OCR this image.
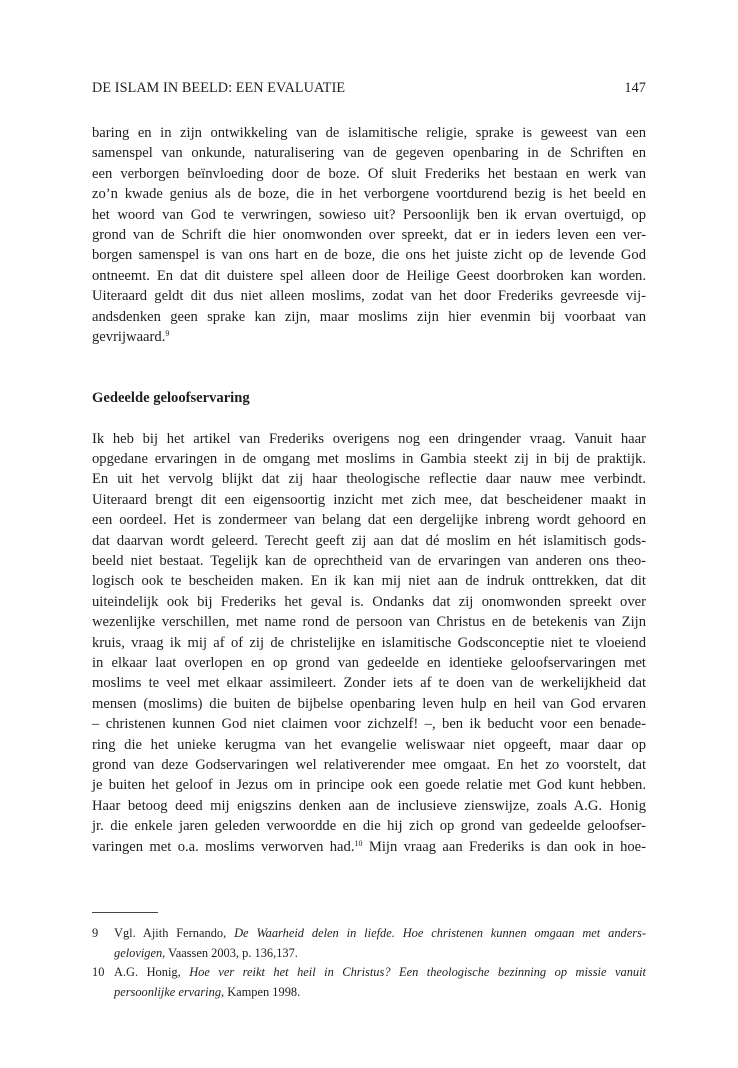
DE ISLAM IN BEELD: EEN EVALUATIE	147
baring en in zijn ontwikkeling van de islamitische religie, sprake is geweest van een
samenspel van onkunde, naturalisering van de gegeven openbaring in de Schriften en
een verborgen beïnvloeding door de boze. Of sluit Frederiks het bestaan en werk van
zo’n kwade genius als de boze, die in het verborgene voortdurend bezig is het beeld en
het woord van God te verwringen, sowieso uit? Persoonlijk ben ik ervan overtuigd, op
grond van de Schrift die hier onomwonden over spreekt, dat er in ieders leven een ver-
borgen samenspel is van ons hart en de boze, die ons het juiste zicht op de levende God
ontneemt. En dat dit duistere spel alleen door de Heilige Geest doorbroken kan worden.
Uiteraard geldt dit dus niet alleen moslims, zodat van het door Frederiks gevreesde vij-
andsdenken geen sprake kan zijn, maar moslims zijn hier evenmin bij voorbaat van
gevrijwaard.$^9$
Gedeelde geloofservaring
Ik heb bij het artikel van Frederiks overigens nog een dringender vraag. Vanuit haar
opgedane ervaringen in de omgang met moslims in Gambia steekt zij in bij de praktijk.
En uit het vervolg blijkt dat zij haar theologische reflectie daar nauw mee verbindt.
Uiteraard brengt dit een eigensoortig inzicht met zich mee, dat bescheidener maakt in
een oordeel. Het is zondermeer van belang dat een dergelijke inbreng wordt gehoord en
dat daarvan wordt geleerd. Terecht geeft zij aan dat dé moslim en hét islamitisch gods-
beeld niet bestaat. Tegelijk kan de oprechtheid van de ervaringen van anderen ons theo-
logisch ook te bescheiden maken. En ik kan mij niet aan de indruk onttrekken, dat dit
uiteindelijk ook bij Frederiks het geval is. Ondanks dat zij onomwonden spreekt over
wezenlijke verschillen, met name rond de persoon van Christus en de betekenis van Zijn
kruis, vraag ik mij af of zij de christelijke en islamitische Godsconceptie niet te vloeiend
in elkaar laat overlopen en op grond van gedeelde en identieke geloofservaringen met
moslims te veel met elkaar assimileert. Zonder iets af te doen van de werkelijkheid dat
mensen (moslims) die buiten de bijbelse openbaring leven hulp en heil van God ervaren
– christenen kunnen God niet claimen voor zichzelf! –, ben ik beducht voor een benade-
ring die het unieke kerugma van het evangelie weliswaar niet opgeeft, maar daar op
grond van deze Godservaringen wel relativerender mee omgaat. En het zo voorstelt, dat
je buiten het geloof in Jezus om in principe ook een goede relatie met God kunt hebben.
Haar betoog deed mij enigszins denken aan de inclusieve zienswijze, zoals A.G. Honig
jr. die enkele jaren geleden verwoordde en die hij zich op grond van gedeelde geloofser-
varingen met o.a. moslims verworven had.$^{10}$ Mijn vraag aan Frederiks is dan ook in hoe-
9	Vgl. Ajith Fernando, De Waarheid delen in liefde. Hoe christenen kunnen omgaan met anders-
gelovigen, Vaassen 2003, p. 136,137.
10 A.G. Honig, Hoe ver reikt het heil in Christus? Een theologische bezinning op missie vanuit
persoonlijke ervaring, Kampen 1998.
